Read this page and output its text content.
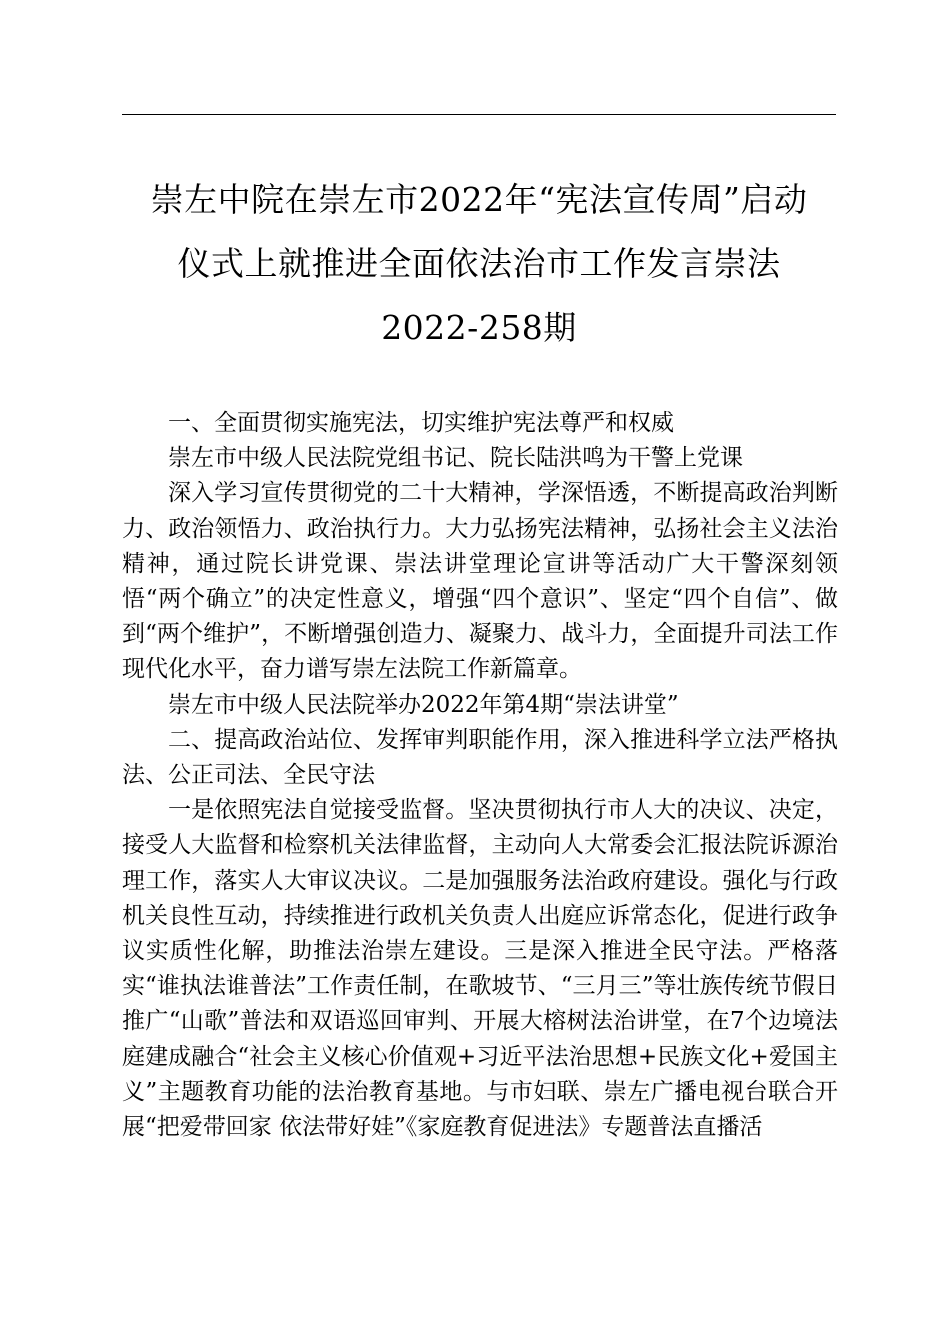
崇左中院在崇左市2022年“宪法宣传周”启动
仪式上就推进全面依法治市工作发言崇法
2022-258期

一、全面贯彻实施宪法，切实维护宪法尊严和权威

崇左市中级人民法院党组书记、院长陆洪鸣为干警上党课

深入学习宣传贯彻党的二十大精神，学深悟透，不断提高政治判断力、政治领悟力、政治执行力。大力弘扬宪法精神，弘扬社会主义法治精神，通过院长讲党课、崇法讲堂理论宣讲等活动广大干警深刻领悟“两个确立”的决定性意义，增强“四个意识”、坚定“四个自信”、做到“两个维护”，不断增强创造力、凝聚力、战斗力，全面提升司法工作现代化水平，奋力谱写崇左法院工作新篇章。

崇左市中级人民法院举办2022年第4期“崇法讲堂”

二、提高政治站位、发挥审判职能作用，深入推进科学立法严格执法、公正司法、全民守法

一是依照宪法自觉接受监督。坚决贯彻执行市人大的决议、决定，接受人大监督和检察机关法律监督，主动向人大常委会汇报法院诉源治理工作，落实人大审议决议。二是加强服务法治政府建设。强化与行政机关良性互动，持续推进行政机关负责人出庭应诉常态化，促进行政争议实质性化解，助推法治崇左建设。三是深入推进全民守法。严格落实“谁执法谁普法”工作责任制，在歌坡节、“三月三”等壮族传统节假日推广“山歌”普法和双语巡回审判、开展大榕树法治讲堂，在7个边境法庭建成融合“社会主义核心价值观+习近平法治思想+民族文化+爱国主义”主题教育功能的法治教育基地。与市妇联、崇左广播电视台联合开展“把爱带回家 依法带好娃”《家庭教育促进法》专题普法直播活
